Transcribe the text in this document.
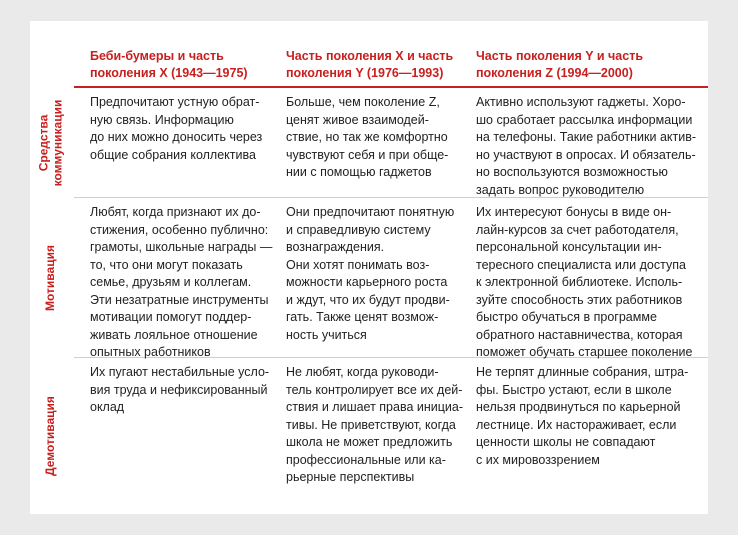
Беби-бумеры и часть
поколения X (1943—1975)
Часть поколения X и часть
поколения Y (1976—1993)
Часть поколения Y и часть
поколения Z (1994—2000)
Средства коммуникации
Мотивация
Демотивация
Предпочитают устную обрат-
ную связь. Информацию
до них можно доносить через
общие собрания коллектива
Больше, чем поколение Z,
ценят живое взаимодей-
ствие, но так же комфортно
чувствуют себя и при обще-
нии с помощью гаджетов
Активно используют гаджеты. Хоро-
шо сработает рассылка информации
на телефоны. Такие работники актив-
но участвуют в опросах. И обязатель-
но воспользуются возможностью
задать вопрос руководителю
Любят, когда признают их до-
стижения, особенно публично:
грамоты, школьные награды —
то, что они могут показать
семье, друзьям и коллегам.
Эти незатратные инструменты
мотивации помогут поддер-
живать лояльное отношение
опытных работников
Они предпочитают понятную
и справедливую систему
вознаграждения.
Они хотят понимать воз-
можности карьерного роста
и ждут, что их будут продви-
гать. Также ценят возмож-
ность учиться
Их интересуют бонусы в виде он-
лайн-курсов за счет работодателя,
персональной консультации ин-
тересного специалиста или доступа
к электронной библиотеке. Исполь-
зуйте способность этих работников
быстро обучаться в программе
обратного наставничества, которая
поможет обучать старшее поколение
Их пугают нестабильные усло-
вия труда и нефиксированный
оклад
Не любят, когда руководи-
тель контролирует все их дей-
ствия и лишает права инициа-
тивы. Не приветствуют, когда
школа не может предложить
профессиональные или ка-
рьерные перспективы
Не терпят длинные собрания, штра-
фы. Быстро устают, если в школе
нельзя продвинуться по карьерной
лестнице. Их настораживает, если
ценности школы не совпадают
с их мировоззрением
